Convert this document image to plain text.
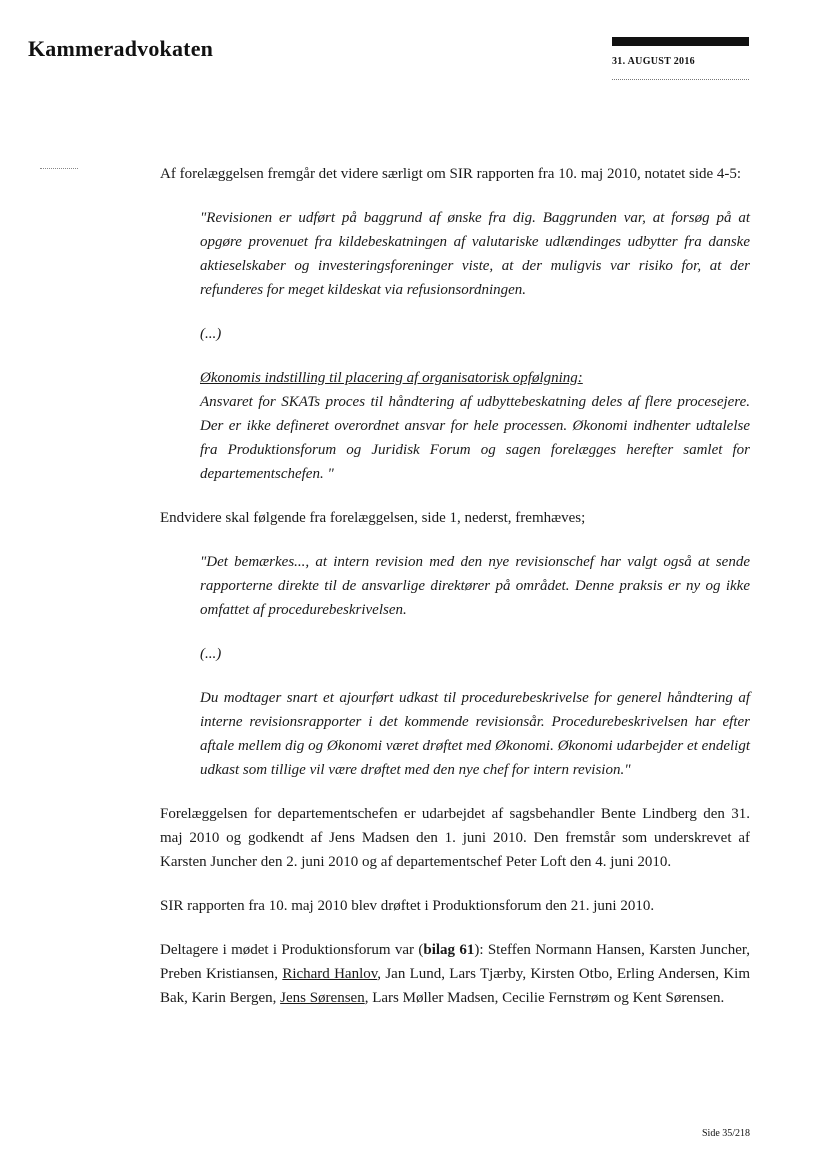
Kammeradvokaten
31. AUGUST 2016

Af forelæggelsen fremgår det videre særligt om SIR rapporten fra 10. maj 2010, notatet side 4-5:

"Revisionen er udført på baggrund af ønske fra dig. Baggrunden var, at forsøg på at opgøre provenuet fra kildebeskatningen af valutariske udlændinges udbytter fra danske aktieselskaber og investeringsforeninger viste, at der muligvis var risiko for, at der refunderes for meget kildeskat via refusionsordningen.

(...)

Økonomis indstilling til placering af organisatorisk opfølgning:

Ansvaret for SKATs proces til håndtering af udbyttebeskatning deles af flere procesejere. Der er ikke defineret overordnet ansvar for hele processen. Økonomi indhenter udtalelse fra Produktionsforum og Juridisk Forum og sagen forelægges herefter samlet for departementschefen. "

Endvidere skal følgende fra forelæggelsen, side 1, nederst, fremhæves;

"Det bemærkes..., at intern revision med den nye revisionschef har valgt også at sende rapporterne direkte til de ansvarlige direktører på området. Denne praksis er ny og ikke omfattet af procedurebeskrivelsen.

(...)

Du modtager snart et ajourført udkast til procedurebeskrivelse for generel håndtering af interne revisionsrapporter i det kommende revisionsår. Procedurebeskrivelsen har efter aftale mellem dig og Økonomi været drøftet med Økonomi. Økonomi udarbejder et endeligt udkast som tillige vil være drøftet med den nye chef for intern revision."

Forelæggelsen for departementschefen er udarbejdet af sagsbehandler Bente Lindberg den 31. maj 2010 og godkendt af Jens Madsen den 1. juni 2010. Den fremstår som underskrevet af Karsten Juncher den 2. juni 2010 og af departementschef Peter Loft den 4. juni 2010.

SIR rapporten fra 10. maj 2010 blev drøftet i Produktionsforum den 21. juni 2010.

Deltagere i mødet i Produktionsforum var (bilag 61): Steffen Normann Hansen, Karsten Juncher, Preben Kristiansen, Richard Hanlov, Jan Lund, Lars Tjærby, Kirsten Otbo, Erling Andersen, Kim Bak, Karin Bergen, Jens Sørensen, Lars Møller Madsen, Cecilie Fernstrøm og Kent Sørensen.

Side 35/218
